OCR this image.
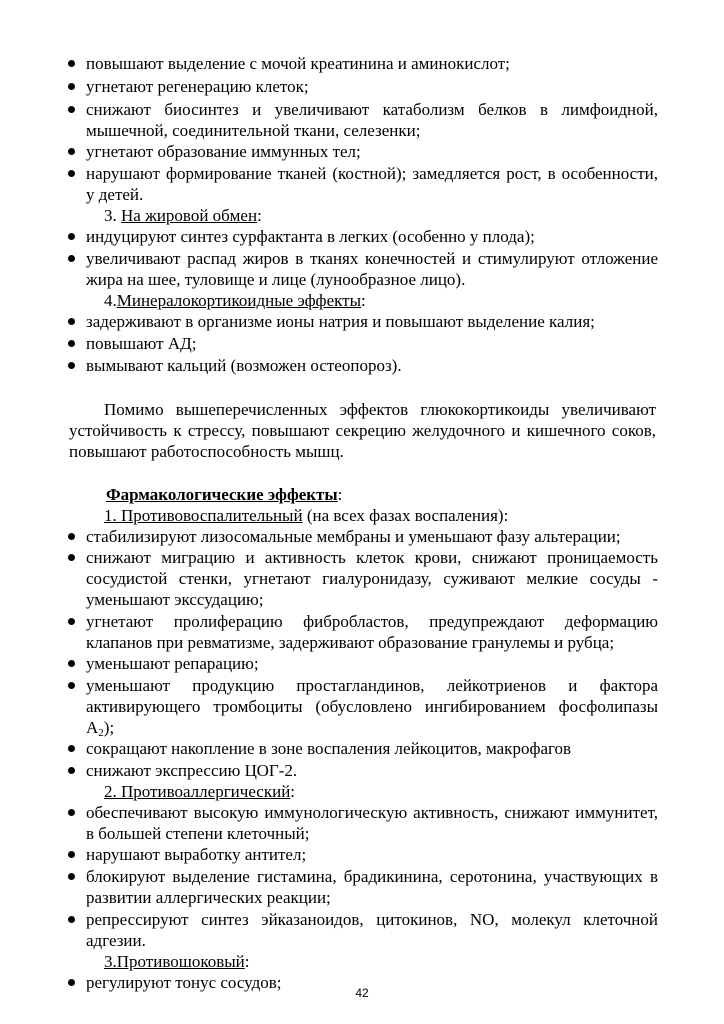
повышают выделение с мочой креатинина и аминокислот;
угнетают регенерацию клеток;
снижают биосинтез и увеличивают катаболизм белков в лимфоидной,
мышечной, соединительной ткани, селезенки;
угнетают образование иммунных тел;
нарушают формирование тканей (костной); замедляется рост, в особенности,
у детей.
3. На жировой обмен:
индуцируют синтез сурфактанта в легких (особенно у плода);
увеличивают распад жиров в тканях конечностей и стимулируют отложение
жира на шее, туловище и лице (лунообразное лицо).
4.Минералокортикоидные эффекты:
задерживают в организме ионы натрия и повышают выделение калия;
повышают АД;
вымывают кальций (возможен остеопороз).
Помимо вышеперечисленных эффектов глюкокортикоиды увеличивают
устойчивость к стрессу, повышают секрецию желудочного и кишечного соков,
повышают работоспособность мышц.
Фармакологические эффекты:
1. Противовоспалительный (на всех фазах воспаления):
стабилизируют лизосомальные мембраны и уменьшают фазу альтерации;
снижают миграцию и активность клеток крови, снижают проницаемость
сосудистой стенки, угнетают гиалуронидазу, суживают мелкие сосуды -
уменьшают экссудацию;
угнетают пролиферацию фибробластов, предупреждают деформацию
клапанов при ревматизме, задерживают образование гранулемы и рубца;
уменьшают репарацию;
уменьшают продукцию простагландинов, лейкотриенов и фактора
активирующего тромбоциты (обусловлено ингибированием фосфолипазы
$A_2$);
сокращают накопление в зоне воспаления лейкоцитов, макрофагов
снижают экспрессию ЦОГ-2.
2. Противоаллергический:
обеспечивают высокую иммунологическую активность, снижают иммунитет,
в большей степени клеточный;
нарушают выработку антител;
блокируют выделение гистамина, брадикинина, серотонина, участвующих в
развитии аллергических реакции;
репрессируют синтез эйказаноидов, цитокинов, NO, молекул клеточной
адгезии.
3.Противошоковый:
регулируют тонус сосудов;
42
